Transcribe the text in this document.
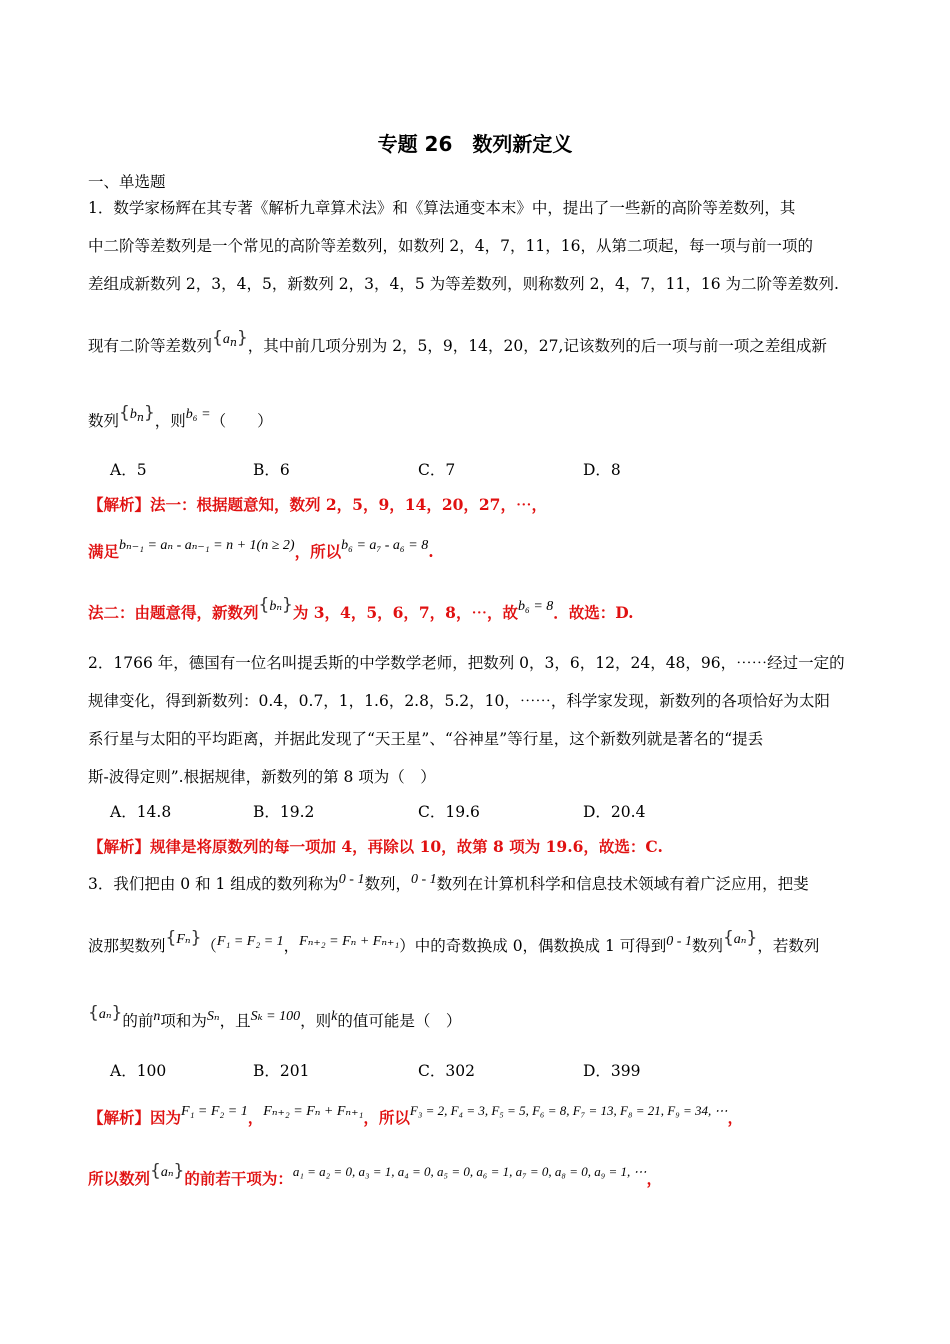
专题 26　数列新定义
一、单选题
1．数学家杨辉在其专著《解析九章算术法》和《算法通变本末》中，提出了一些新的高阶等差数列，其
中二阶等差数列是一个常见的高阶等差数列，如数列 2，4，7，11，16，从第二项起，每一项与前一项的
差组成新数列 2，3，4，5，新数列 2，3，4，5 为等差数列，则称数列 2，4，7，11，16 为二阶等差数列.
现有二阶等差数列{an}，其中前几项分别为 2，5，9，14，20，27,记该数列的后一项与前一项之差组成新
数列{bn}，则b₆ =（　　）
A．5	B．6	C．7	D．8
【解析】法一：根据题意知，数列 2，5，9，14，20，27，⋯，
满足bₙ₋₁ = aₙ - aₙ₋₁ = n + 1(n ≥ 2)，所以b₆ = a₇ - a₆ = 8.
法二：由题意得，新数列{bₙ}为 3，4，5，6，7，8，⋯，故b₆ = 8．故选：D.
2．1766 年，德国有一位名叫提丢斯的中学数学老师，把数列 0，3，6，12，24，48，96，⋯⋯经过一定的
规律变化，得到新数列：0.4，0.7，1，1.6，2.8，5.2，10，⋯⋯，科学家发现，新数列的各项恰好为太阳
系行星与太阳的平均距离，并据此发现了“天王星”、“谷神星”等行星，这个新数列就是著名的“提丢
斯-波得定则”.根据规律，新数列的第 8 项为（　）
A．14.8	B．19.2	C．19.6	D．20.4
【解析】规律是将原数列的每一项加 4，再除以 10，故第 8 项为 19.6，故选：C.
3．我们把由 0 和 1 组成的数列称为0 - 1数列，0 - 1数列在计算机科学和信息技术领域有着广泛应用，把斐
波那契数列{Fₙ}（F₁ = F₂ = 1，Fₙ₊₂ = Fₙ + Fₙ₊₁）中的奇数换成 0，偶数换成 1 可得到0 - 1数列{aₙ}，若数列
{aₙ}的前n项和为Sₙ，且Sₖ = 100，则k的值可能是（　）
A．100	B．201	C．302	D．399
【解析】因为F₁ = F₂ = 1，Fₙ₊₂ = Fₙ + Fₙ₊₁，所以$^{F_3 = 2, F_4 = 3, F_5 = 5, F_6 = 8, F_7 = 13, F_8 = 21, F_9 = 34, \cdots}$，
所以数列{aₙ}的前若干项为：$^{a_1 = a_2 = 0, a_3 = 1, a_4 = 0, a_5 = 0, a_6 = 1, a_7 = 0, a_8 = 0, a_9 = 1, \cdots}$，
